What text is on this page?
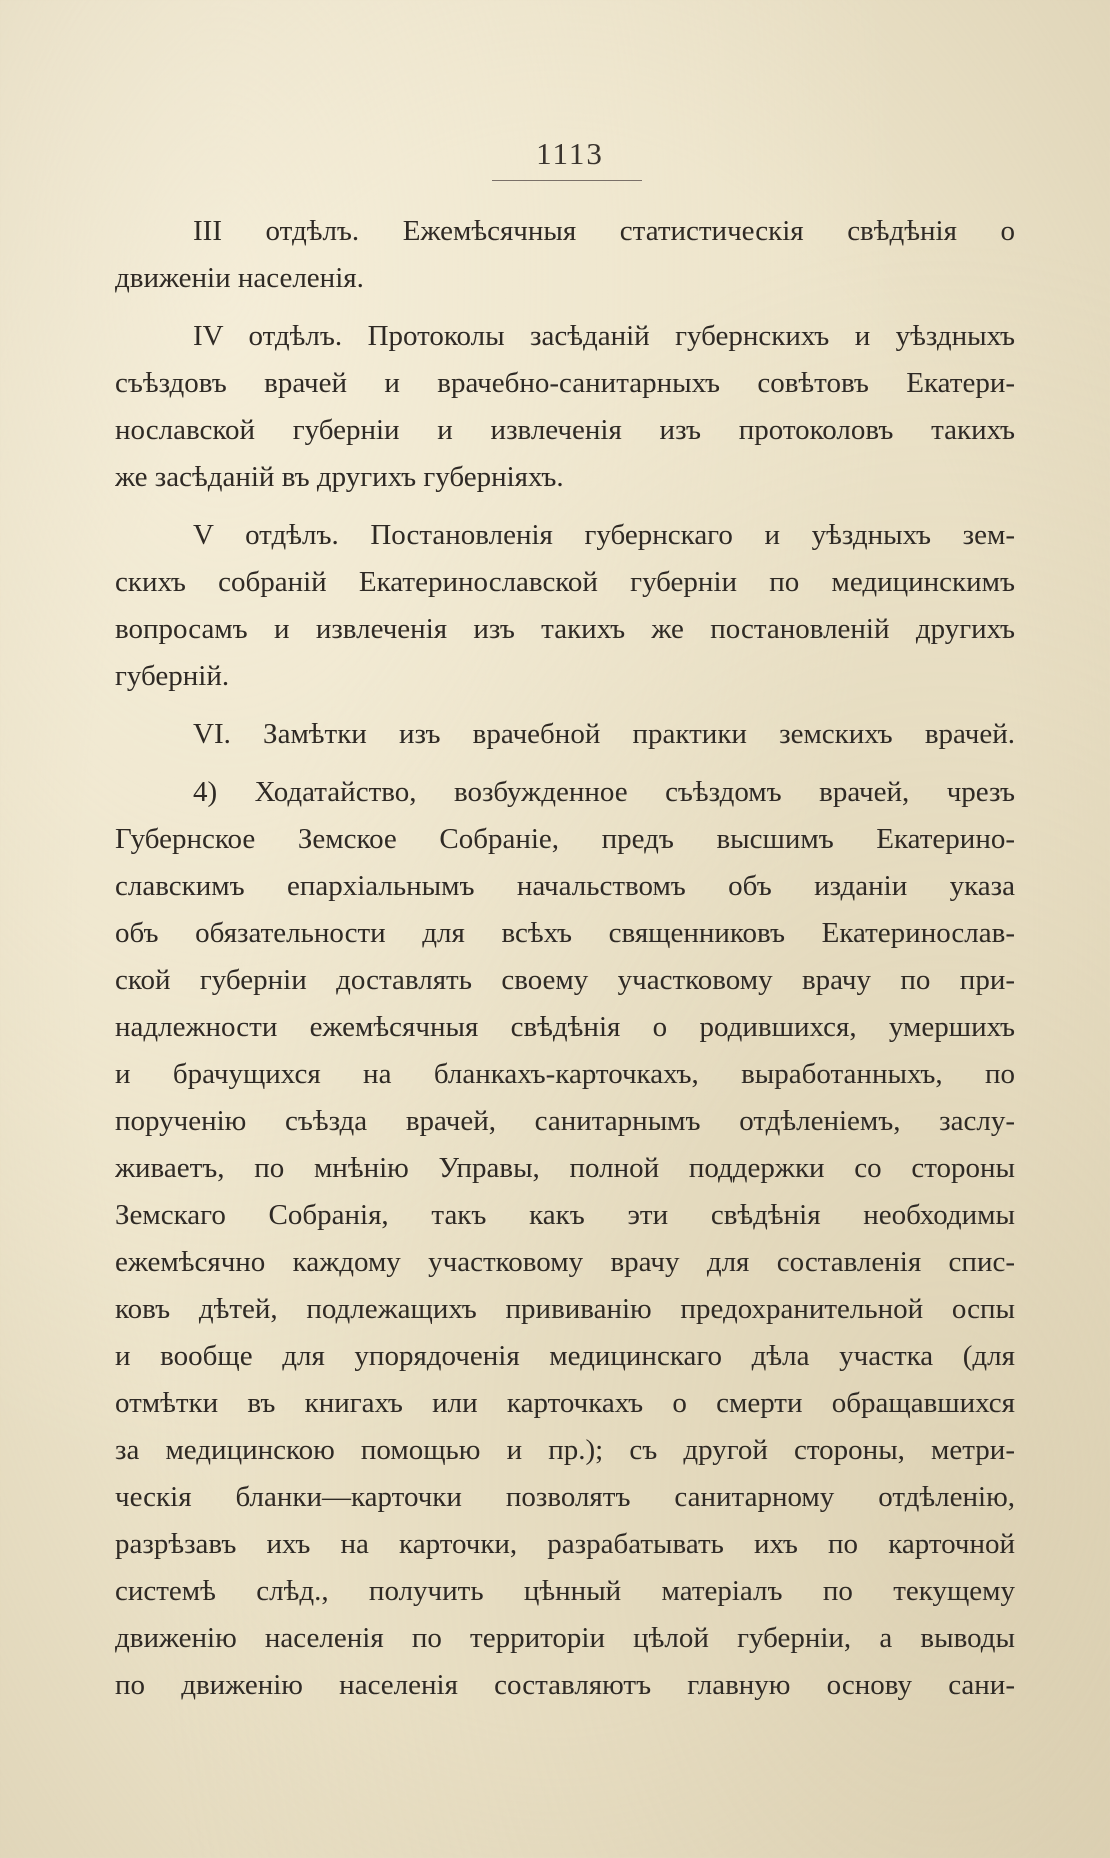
1113

III отдѣлъ. Ежемѣсячныя статистическія свѣдѣнія о
движеніи населенія.

IV отдѣлъ. Протоколы засѣданій губернскихъ и уѣздныхъ
съѣздовъ врачей и врачебно-санитарныхъ совѣтовъ Екатери-
нославской губерніи и извлеченія изъ протоколовъ такихъ
же засѣданій въ другихъ губерніяхъ.

V отдѣлъ. Постановленія губернскаго и уѣздныхъ зем-
скихъ собраній Екатеринославской губерніи по медицинскимъ
вопросамъ и извлеченія изъ такихъ же постановленій другихъ
губерній.

VI. Замѣтки изъ врачебной практики земскихъ врачей.

4) Ходатайство, возбужденное съѣздомъ врачей, чрезъ
Губернское Земское Собраніе, предъ высшимъ Екатерино-
славскимъ епархіальнымъ начальствомъ объ изданіи указа
объ обязательности для всѣхъ священниковъ Екатеринослав-
ской губерніи доставлять своему участковому врачу по при-
надлежности ежемѣсячныя свѣдѣнія о родившихся, умершихъ
и брачущихся на бланкахъ-карточкахъ, выработанныхъ, по
порученію съѣзда врачей, санитарнымъ отдѣленіемъ, заслу-
живаетъ, по мнѣнію Управы, полной поддержки со стороны
Земскаго Собранія, такъ какъ эти свѣдѣнія необходимы
ежемѣсячно каждому участковому врачу для составленія спис-
ковъ дѣтей, подлежащихъ прививанію предохранительной оспы
и вообще для упорядоченія медицинскаго дѣла участка (для
отмѣтки въ книгахъ или карточкахъ о смерти обращавшихся
за медицинскою помощью и пр.); съ другой стороны, метри-
ческія бланки—карточки позволятъ санитарному отдѣленію,
разрѣзавъ ихъ на карточки, разрабатывать ихъ по карточной
системѣ слѣд., получить цѣнный матеріалъ по текущему
движенію населенія по территоріи цѣлой губерніи, а выводы
по движенію населенія составляютъ главную основу сани-
